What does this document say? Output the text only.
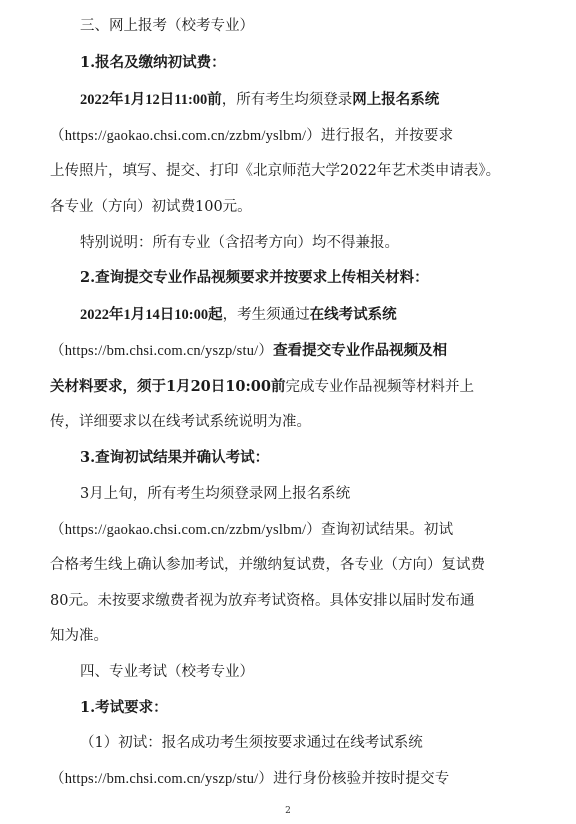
三、网上报考（校考专业）
1.报名及缴纳初试费：
2022年1月12日11:00前，所有考生均须登录网上报名系统
（https://gaokao.chsi.com.cn/zzbm/yslbm/）进行报名，并按要求
上传照片，填写、提交、打印《北京师范大学2022年艺术类申请表》。
各专业（方向）初试费100元。
特别说明：所有专业（含招考方向）均不得兼报。
2.查询提交专业作品视频要求并按要求上传相关材料：
2022年1月14日10:00起，考生须通过在线考试系统
（https://bm.chsi.com.cn/yszp/stu/）查看提交专业作品视频及相
关材料要求，须于1月20日10:00前完成专业作品视频等材料并上
传，详细要求以在线考试系统说明为准。
3.查询初试结果并确认考试：
3月上旬，所有考生均须登录网上报名系统
（https://gaokao.chsi.com.cn/zzbm/yslbm/）查询初试结果。初试
合格考生线上确认参加考试，并缴纳复试费，各专业（方向）复试费
80元。未按要求缴费者视为放弃考试资格。具体安排以届时发布通
知为准。
四、专业考试（校考专业）
1.考试要求：
（1）初试：报名成功考生须按要求通过在线考试系统
（https://bm.chsi.com.cn/yszp/stu/）进行身份核验并按时提交专
2
